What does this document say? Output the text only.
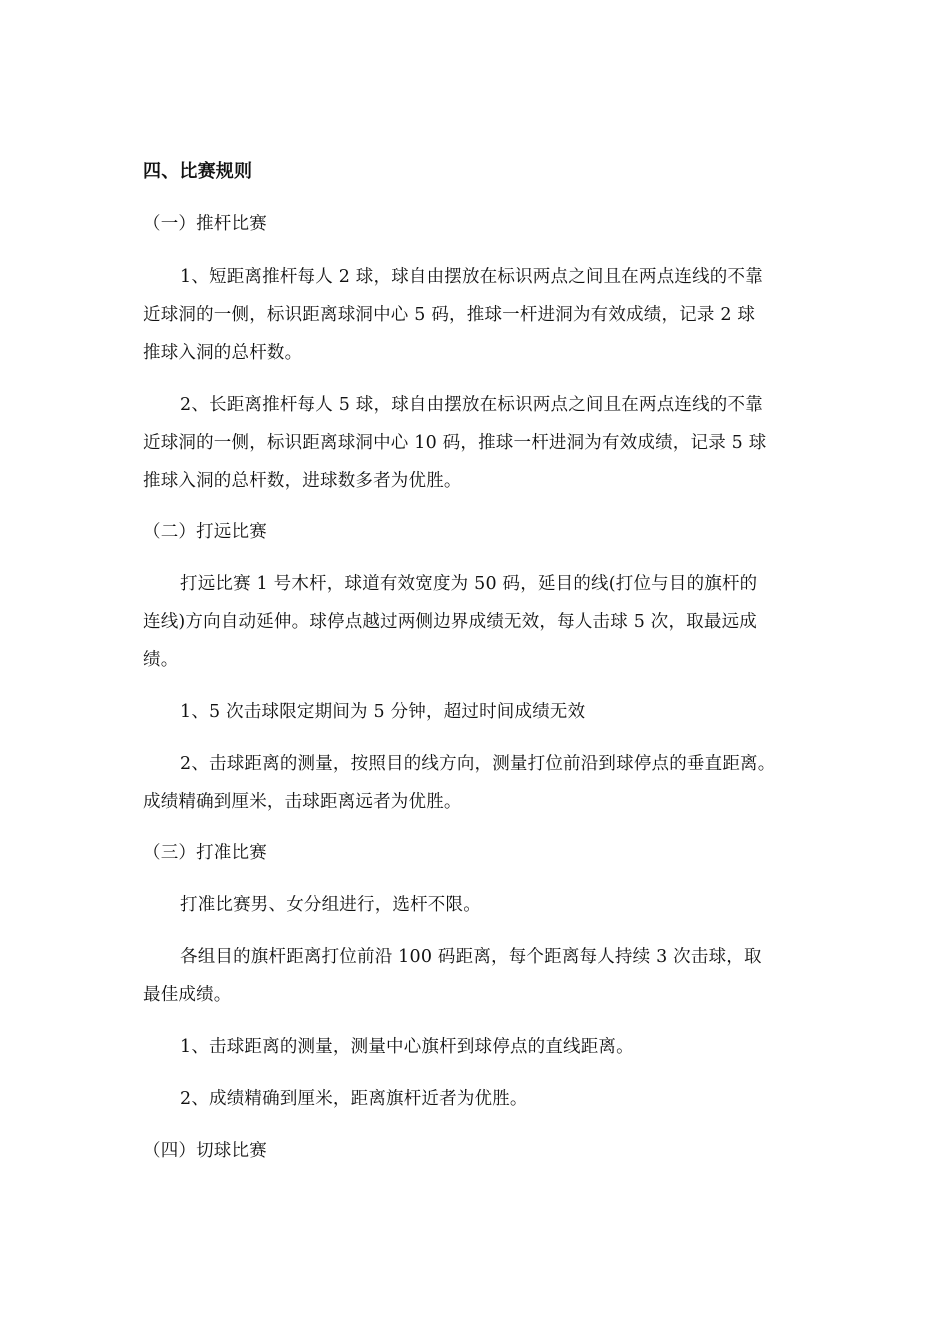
四、比赛规则
（一）推杆比赛
1、短距离推杆每人 2 球，球自由摆放在标识两点之间且在两点连线的不靠
近球洞的一侧，标识距离球洞中心 5 码，推球一杆进洞为有效成绩，记录 2 球
推球入洞的总杆数。
2、长距离推杆每人 5 球，球自由摆放在标识两点之间且在两点连线的不靠
近球洞的一侧，标识距离球洞中心 10 码，推球一杆进洞为有效成绩，记录 5 球
推球入洞的总杆数，进球数多者为优胜。
（二）打远比赛
打远比赛 1 号木杆，球道有效宽度为 50 码，延目的线(打位与目的旗杆的
连线)方向自动延伸。球停点越过两侧边界成绩无效，每人击球 5 次，取最远成
绩。
1、5 次击球限定期间为 5 分钟，超过时间成绩无效
2、击球距离的测量，按照目的线方向，测量打位前沿到球停点的垂直距离。
成绩精确到厘米，击球距离远者为优胜。
（三）打准比赛
打准比赛男、女分组进行，选杆不限。
各组目的旗杆距离打位前沿 100 码距离，每个距离每人持续 3 次击球，取
最佳成绩。
1、击球距离的测量，测量中心旗杆到球停点的直线距离。
2、成绩精确到厘米，距离旗杆近者为优胜。
（四）切球比赛
